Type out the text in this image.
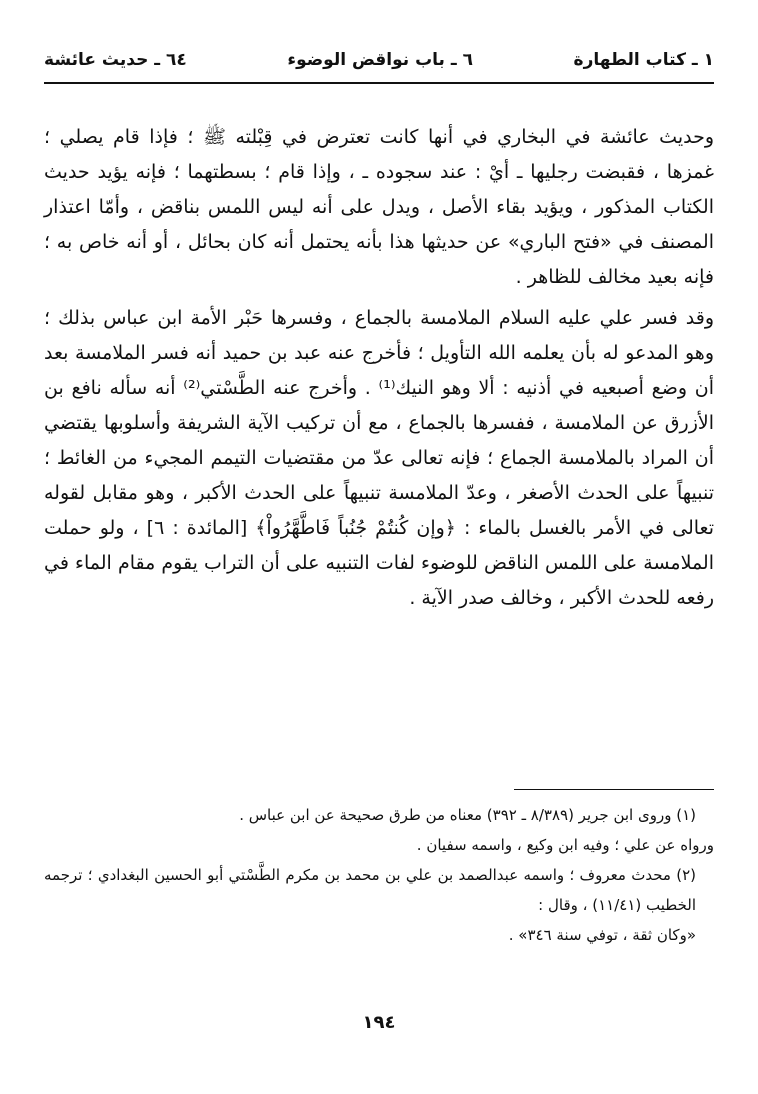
١ ـ كتاب الطهارة
٦ ـ باب نواقض الوضوء
٦٤ ـ حديث عائشة

وحديث عائشة في البخاري في أنها كانت تعترض في قِبْلته ﷺ ؛ فإذا قام يصلي ؛ غمزها ، فقبضت رجليها ـ أيْ : عند سجوده ـ ، وإذا قام ؛ بسطتهما ؛ فإنه يؤيد حديث الكتاب المذكور ، ويؤيد بقاء الأصل ، ويدل على أنه ليس اللمس بناقض ، وأمّا اعتذار المصنف في «فتح الباري» عن حديثها هذا بأنه يحتمل أنه كان بحائل ، أو أنه خاص به ؛ فإنه بعيد مخالف للظاهر .

وقد فسر علي عليه السلام الملامسة بالجماع ، وفسرها حَبْر الأمة ابن عباس بذلك ؛ وهو المدعو له بأن يعلمه الله التأويل ؛ فأخرج عنه عبد بن حميد أنه فسر الملامسة بعد أن وضع أصبعيه في أذنيه : ألا وهو النيك⁽¹⁾ . وأخرج عنه الطَّسْتي⁽²⁾ أنه سأله نافع بن الأزرق عن الملامسة ، ففسرها بالجماع ، مع أن تركيب الآية الشريفة وأسلوبها يقتضي أن المراد بالملامسة الجماع ؛ فإنه تعالى عدّ من مقتضيات التيمم المجيء من الغائط ؛ تنبيهاً على الحدث الأصغر ، وعدّ الملامسة تنبيهاً على الحدث الأكبر ، وهو مقابل لقوله تعالى في الأمر بالغسل بالماء : ﴿وإن كُنتُمْ جُنُباً فَاطَّهَّرُواْ﴾ [المائدة : ٦] ، ولو حملت الملامسة على اللمس الناقض للوضوء لفات التنبيه على أن التراب يقوم مقام الماء في رفعه للحدث الأكبر ، وخالف صدر الآية .

(١) وروى ابن جرير (٨/٣٨٩ ـ ٣٩٢) معناه من طرق صحيحة عن ابن عباس .

ورواه عن علي ؛ وفيه ابن وكيع ، واسمه سفيان .

(٢) محدث معروف ؛ واسمه عبدالصمد بن علي بن محمد بن مكرم الطَّسْتي أبو الحسين البغدادي ؛ ترجمه الخطيب (١١/٤١) ، وقال :

«وكان ثقة ، توفي سنة ٣٤٦» .

١٩٤
